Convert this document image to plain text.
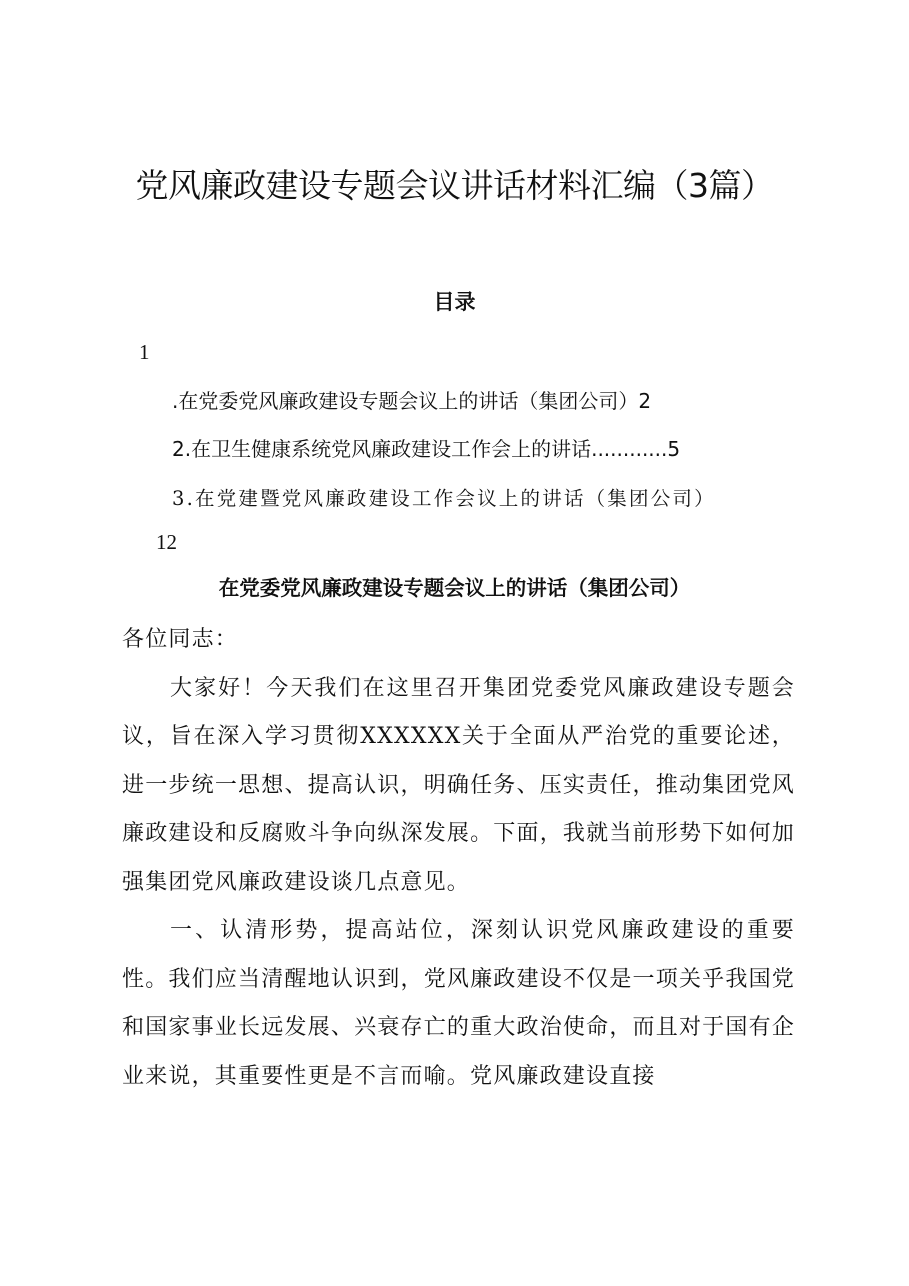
党风廉政建设专题会议讲话材料汇编（3篇）
目录
1
.在党委党风廉政建设专题会议上的讲话（集团公司）2
2.在卫生健康系统党风廉政建设工作会上的讲话............5
3.在党建暨党风廉政建设工作会议上的讲话（集团公司）
12
在党委党风廉政建设专题会议上的讲话（集团公司）

各位同志：

大家好！今天我们在这里召开集团党委党风廉政建设专题会议，旨在深入学习贯彻XXXXXX关于全面从严治党的重要论述，进一步统一思想、提高认识，明确任务、压实责任，推动集团党风廉政建设和反腐败斗争向纵深发展。下面，我就当前形势下如何加强集团党风廉政建设谈几点意见。

一、认清形势，提高站位，深刻认识党风廉政建设的重要性。我们应当清醒地认识到，党风廉政建设不仅是一项关乎我国党和国家事业长远发展、兴衰存亡的重大政治使命，而且对于国有企业来说，其重要性更是不言而喻。党风廉政建设直接
